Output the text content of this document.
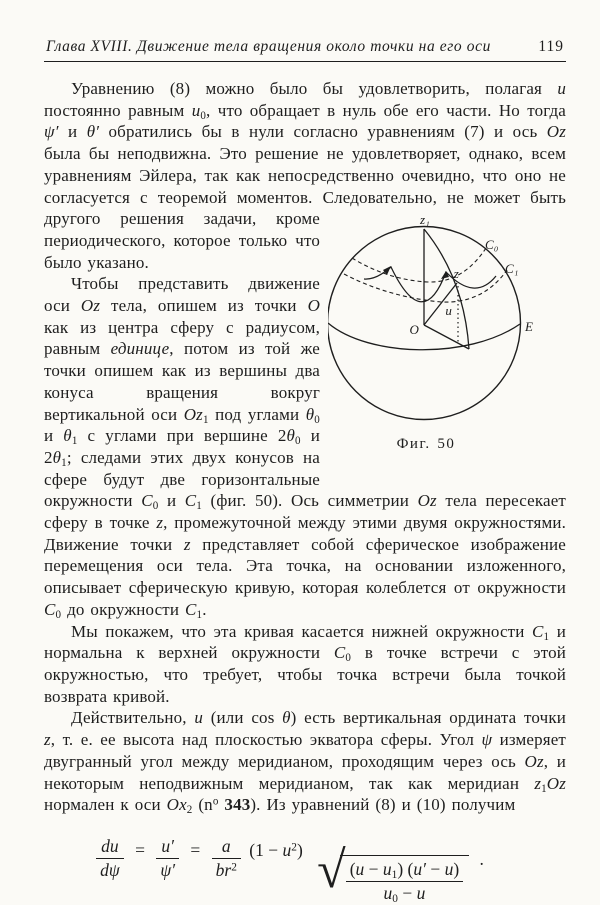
Глава XVIII. Движение тела вращения около точки на его оси	119

Уравнению (8) можно было бы удовлетворить, полагая u постоянно равным $u_0$, что обращает в нуль обе его части. Но тогда ψ′ и θ′ обратились бы в нули согласно уравнениям (7) и ось Oz была бы неподвижна. Это решение не удовлетворяет, однако, всем уравнениям Эйлера, так как непосредственно очевидно, что оно не согласуется с теоремой моментов. Следовательно, не может быть другого решения задачи, кроме	z₁
C₀
C₁
z
O
u
E
Фиг. 50
периодического, которое только что было указано.

Чтобы представить движение оси Oz тела, опишем из точки O как из центра сферу с радиусом, равным единице, потом из той же точки опишем как из вершины два конуса вращения вокруг вертикальной оси $Oz_1$ под углами $\theta_0$ и $\theta_1$ с углами при вершине $2\theta_0$ и $2\theta_1$; следами этих двух конусов на сфере будут две горизонтальные окружности $C_0$ и $C_1$ (фиг. 50). Ось симметрии Oz тела пересекает сферу в точке z, промежуточной между этими двумя окружностями. Движение точки z представляет собой сферическое изображение перемещения оси тела. Эта точка, на основании изложенного, описывает сферическую кривую, которая колеблется от окружности $C_0$ до окружности $C_1$.

Мы покажем, что эта кривая касается нижней окружности $C_1$ и нормальна к верхней окружности $C_0$ в точке встречи с этой окружностью, что требует, чтобы точка встречи была точкой возврата кривой.

Действительно, u (или cos θ) есть вертикальная ордината точки z, т. е. ее высота над плоскостью экватора сферы. Угол ψ измеряет двугранный угол между меридианом, проходящим через ось Oz, и некоторым неподвижным меридианом, так как меридиан $z_1Oz$ нормален к оси $Ox_2$ ($n^o$ 343). Из уравнений (8) и (10) получим

$\frac{du}{d\psi} = \frac{u'}{\psi'} = \frac{a}{br^2} (1 - u^2)$ √ $\frac{(u - u_1) (u' - u)}{u_0 - u}$
.
